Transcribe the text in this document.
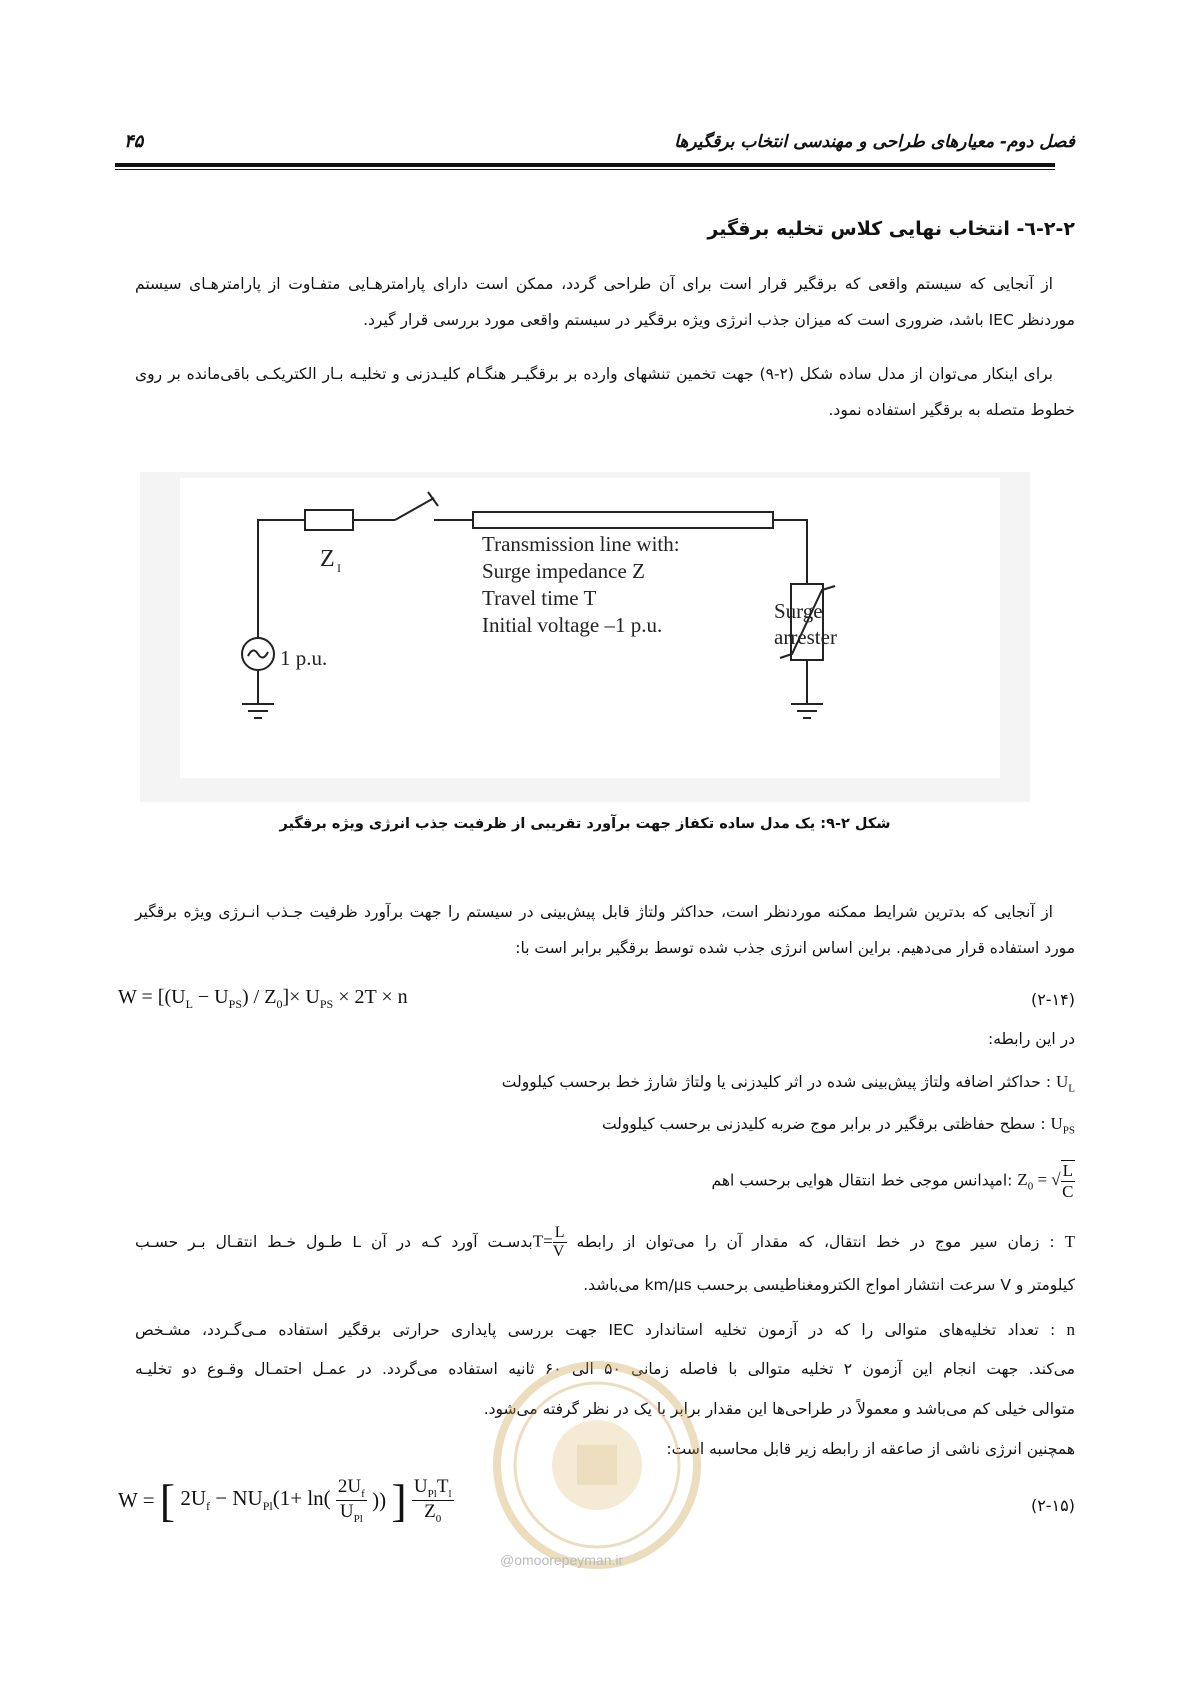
فصل دوم- معیارهای طراحی و مهندسی انتخاب برقگیرها
۴۵
۲-۲-٦- انتخاب نهایی کلاس تخلیه برقگیر
از آنجایی که سیستم واقعی که برقگیر قرار است برای آن طراحی گردد، ممکن است دارای پارامترهـایی متفـاوت از پارامترهـای سیستم موردنظر IEC باشد، ضروری است که میزان جذب انرژی ویژه برقگیر در سیستم واقعی مورد بررسی قرار گیرد.
برای اینکار می‌توان از مدل ساده شکل (۲-۹) جهت تخمین تنشهای وارده بر برقگیـر هنگـام کلیـدزنی و تخلیـه بـار الکتریکـی باقی‌مانده بر روی خطوط متصله به برقگیر استفاده نمود.
Z I
1 p.u.
Transmission line with:
Surge impedance Z
Travel time T
Initial voltage –1 p.u.
Surge
arrester
شکل ۲-۹: یک مدل ساده تکفاز جهت برآورد تقریبی از ظرفیت جذب انرژی ویژه برقگیر
از آنجایی که بدترین شرایط ممکنه موردنظر است، حداکثر ولتاژ قابل پیش‌بینی در سیستم را جهت برآورد ظرفیت جـذب انـرژی ویژه برقگیر مورد استفاده قرار می‌دهیم. براین اساس انرژی جذب شده توسط برقگیر برابر است با:
$W = [(U_L - U_{PS}) / Z_0]\times U_{PS} \times 2T \times n$	(۲-۱۴)
در این رابطه:
$U_L$ : حداکثر اضافه ولتاژ پیش‌بینی شده در اثر کلیدزنی یا ولتاژ شارژ خط برحسب کیلوولت
$U_{PS}$ : سطح حفاظتی برقگیر در برابر موج ضربه کلیدزنی برحسب کیلوولت
$Z_0$ = √ $\frac{L}{C}$
:امپدانس موجی خط انتقال هوایی برحسب اهم
T : زمان سیر موج در خط انتقال، که مقدار آن را می‌توان از رابطه $T= \frac{L}{V}$
بدسـت آورد کـه در آن L طـول خـط انتقـال بـر حسـب
کیلومتر و V سرعت انتشار امواج الکترومغناطیسی برحسب km/µs می‌باشد.
n : تعداد تخلیه‌های متوالی را که در آزمون تخلیه استاندارد IEC جهت بررسی پایداری حرارتی برقگیر استفاده مـی‌گـردد، مشـخص
می‌کند. جهت انجام این آزمون ۲ تخلیه متوالی با فاصله زمانی ۵۰ الی ۶۰ ثانیه استفاده می‌گردد. در عمـل احتمـال وقـوع دو تخلیـه
متوالی خیلی کم می‌باشد و معمولاً در طراحی‌ها این مقدار برابر با یک در نظر گرفته می‌شود.
همچنین انرژی ناشی از صاعقه از رابطه زیر قابل محاسبه است:
W = [ $2U_f - NU_{Pl}(1+ \ln( \frac{2U_f}{U_{Pl}}$ )) ] $\frac{U_{Pl}T_l}{Z_0}$	(۲-۱۵)
@omoorepeyman.ir
